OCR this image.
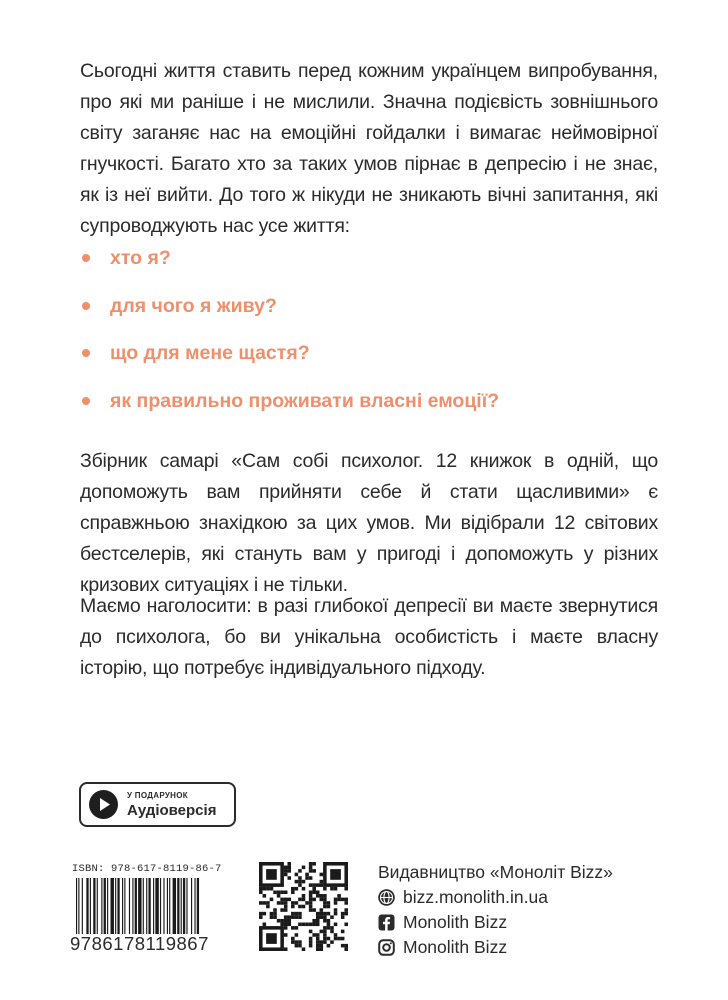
Сьогодні життя ставить перед кожним українцем випробування, про які ми раніше і не мислили. Значна подієвість зовнішнього світу заганяє нас на емоційні гойдалки і вимагає неймовірної гнучкості. Багато хто за таких умов пірнає в депресію і не знає, як із неї вийти. До того ж нікуди не зникають вічні запитання, які супроводжують нас усе життя:

хто я?
для чого я живу?
що для мене щастя?
як правильно проживати власні емоції?

Збірник самарі «Сам собі психолог. 12 книжок в одній, що допоможуть вам прийняти себе й стати щасливими» є справжньою знахідкою за цих умов. Ми відібрали 12 світових бестселерів, які стануть вам у пригоді і допоможуть у різних кризових ситуаціях і не тільки.

Маємо наголосити: в разі глибокої депресії ви маєте звернутися до психолога, бо ви унікальна особистість і маєте власну історію, що потребує індивідуального підходу.

У ПОДАРУНОК
Аудіоверсія
ISBN: 978-617-8119-86-7
9786178119867
Видавництво «Моноліт Bizz»
bizz.monolith.in.ua
Monolith Bizz
Monolith Bizz
